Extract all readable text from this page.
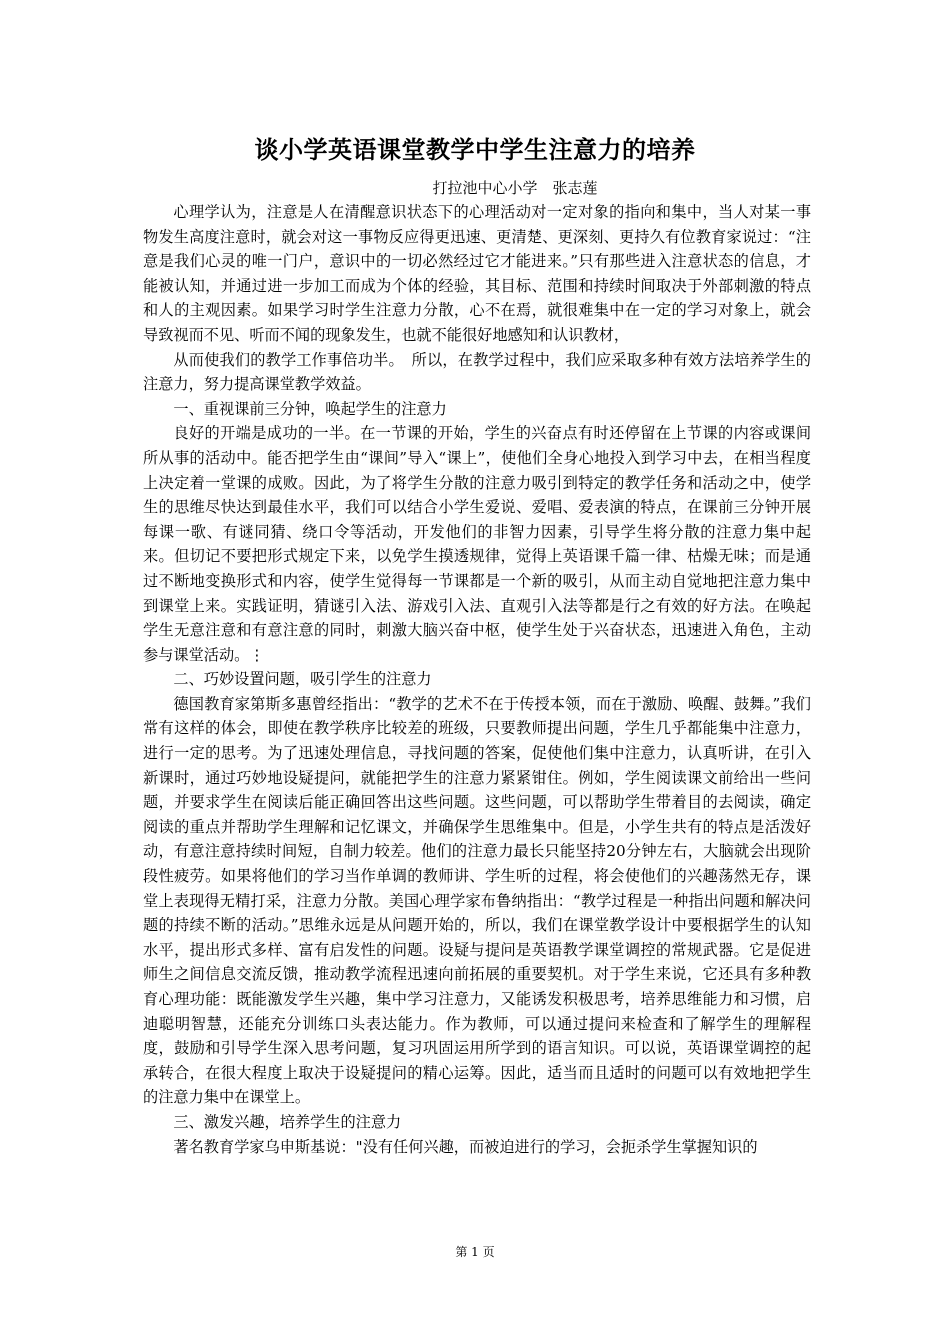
谈小学英语课堂教学中学生注意力的培养
打拉池中心小学　张志莲

心理学认为，注意是人在清醒意识状态下的心理活动对一定对象的指向和集中，当人对某一事物发生高度注意时，就会对这一事物反应得更迅速、更清楚、更深刻、更持久有位教育家说过：“注意是我们心灵的唯一门户，意识中的一切必然经过它才能进来。”只有那些进入注意状态的信息，才能被认知，并通过进一步加工而成为个体的经验，其目标、范围和持续时间取决于外部刺激的特点和人的主观因素。如果学习时学生注意力分散，心不在焉，就很难集中在一定的学习对象上，就会导致视而不见、听而不闻的现象发生，也就不能很好地感知和认识教材，

从而使我们的教学工作事倍功半。　所以，在教学过程中，我们应采取多种有效方法培养学生的注意力，努力提高课堂教学效益。

一、重视课前三分钟，唤起学生的注意力

良好的开端是成功的一半。在一节课的开始，学生的兴奋点有时还停留在上节课的内容或课间所从事的活动中。能否把学生由“课间”导入“课上”，使他们全身心地投入到学习中去，在相当程度上决定着一堂课的成败。因此，为了将学生分散的注意力吸引到特定的教学任务和活动之中，使学生的思维尽快达到最佳水平，我们可以结合小学生爱说、爱唱、爱表演的特点，在课前三分钟开展每课一歌、有谜同猜、绕口令等活动，开发他们的非智力因素，引导学生将分散的注意力集中起来。但切记不要把形式规定下来，以免学生摸透规律，觉得上英语课千篇一律、枯燥无味；而是通过不断地变换形式和内容，使学生觉得每一节课都是一个新的吸引，从而主动自觉地把注意力集中到课堂上来。实践证明，猜谜引入法、游戏引入法、直观引入法等都是行之有效的好方法。在唤起学生无意注意和有意注意的同时，刺激大脑兴奋中枢，使学生处于兴奋状态，迅速进入角色，主动参与课堂活动。⋮

二、巧妙设置问题，吸引学生的注意力

德国教育家第斯多惠曾经指出：“教学的艺术不在于传授本领，而在于激励、唤醒、鼓舞。”我们常有这样的体会，即使在教学秩序比较差的班级，只要教师提出问题，学生几乎都能集中注意力，进行一定的思考。为了迅速处理信息，寻找问题的答案，促使他们集中注意力，认真听讲，在引入新课时，通过巧妙地设疑提问，就能把学生的注意力紧紧钳住。例如，学生阅读课文前给出一些问题，并要求学生在阅读后能正确回答出这些问题。这些问题，可以帮助学生带着目的去阅读，确定阅读的重点并帮助学生理解和记忆课文，并确保学生思维集中。但是，小学生共有的特点是活泼好动，有意注意持续时间短，自制力较差。他们的注意力最长只能坚持20分钟左右，大脑就会出现阶段性疲劳。如果将他们的学习当作单调的教师讲、学生听的过程，将会使他们的兴趣荡然无存，课堂上表现得无精打采，注意力分散。美国心理学家布鲁纳指出：“教学过程是一种指出问题和解决问题的持续不断的活动。”思维永远是从问题开始的，所以，我们在课堂教学设计中要根据学生的认知水平，提出形式多样、富有启发性的问题。设疑与提问是英语教学课堂调控的常规武器。它是促进师生之间信息交流反馈，推动教学流程迅速向前拓展的重要契机。对于学生来说，它还具有多种教育心理功能：既能激发学生兴趣，集中学习注意力，又能诱发积极思考，培养思维能力和习惯，启迪聪明智慧，还能充分训练口头表达能力。作为教师，可以通过提问来检查和了解学生的理解程度，鼓励和引导学生深入思考问题，复习巩固运用所学到的语言知识。可以说，英语课堂调控的起承转合，在很大程度上取决于设疑提问的精心运筹。因此，适当而且适时的问题可以有效地把学生的注意力集中在课堂上。

三、激发兴趣，培养学生的注意力

著名教育学家乌申斯基说："没有任何兴趣，而被迫进行的学习，会扼杀学生掌握知识的

第 1 页
